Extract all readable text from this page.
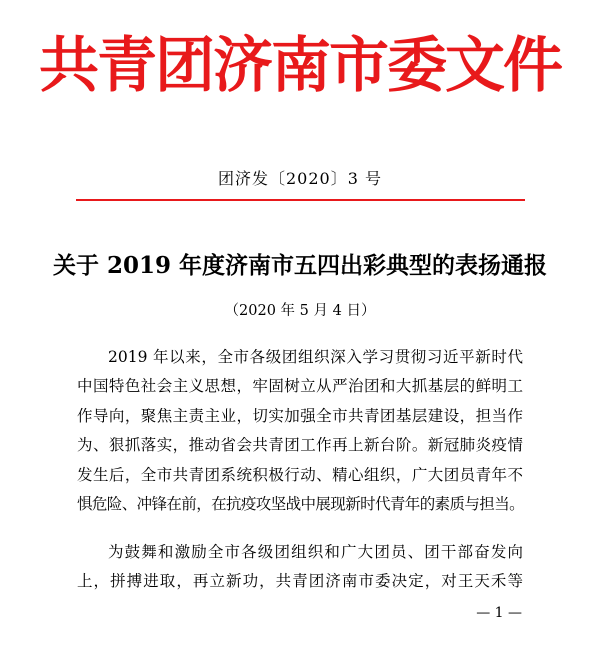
共青团济南市委文件
团济发〔2020〕3 号
关于 2019 年度济南市五四出彩典型的表扬通报
（2020 年 5 月 4 日）
2019 年以来，全市各级团组织深入学习贯彻习近平新时代
中国特色社会主义思想，牢固树立从严治团和大抓基层的鲜明工
作导向，聚焦主责主业，切实加强全市共青团基层建设，担当作
为、狠抓落实，推动省会共青团工作再上新台阶。新冠肺炎疫情
发生后，全市共青团系统积极行动、精心组织，广大团员青年不
惧危险、冲锋在前，在抗疫攻坚战中展现新时代青年的素质与担当。
为鼓舞和激励全市各级团组织和广大团员、团干部奋发向
上，拼搏进取，再立新功，共青团济南市委决定，对王天禾等
— 1 —
